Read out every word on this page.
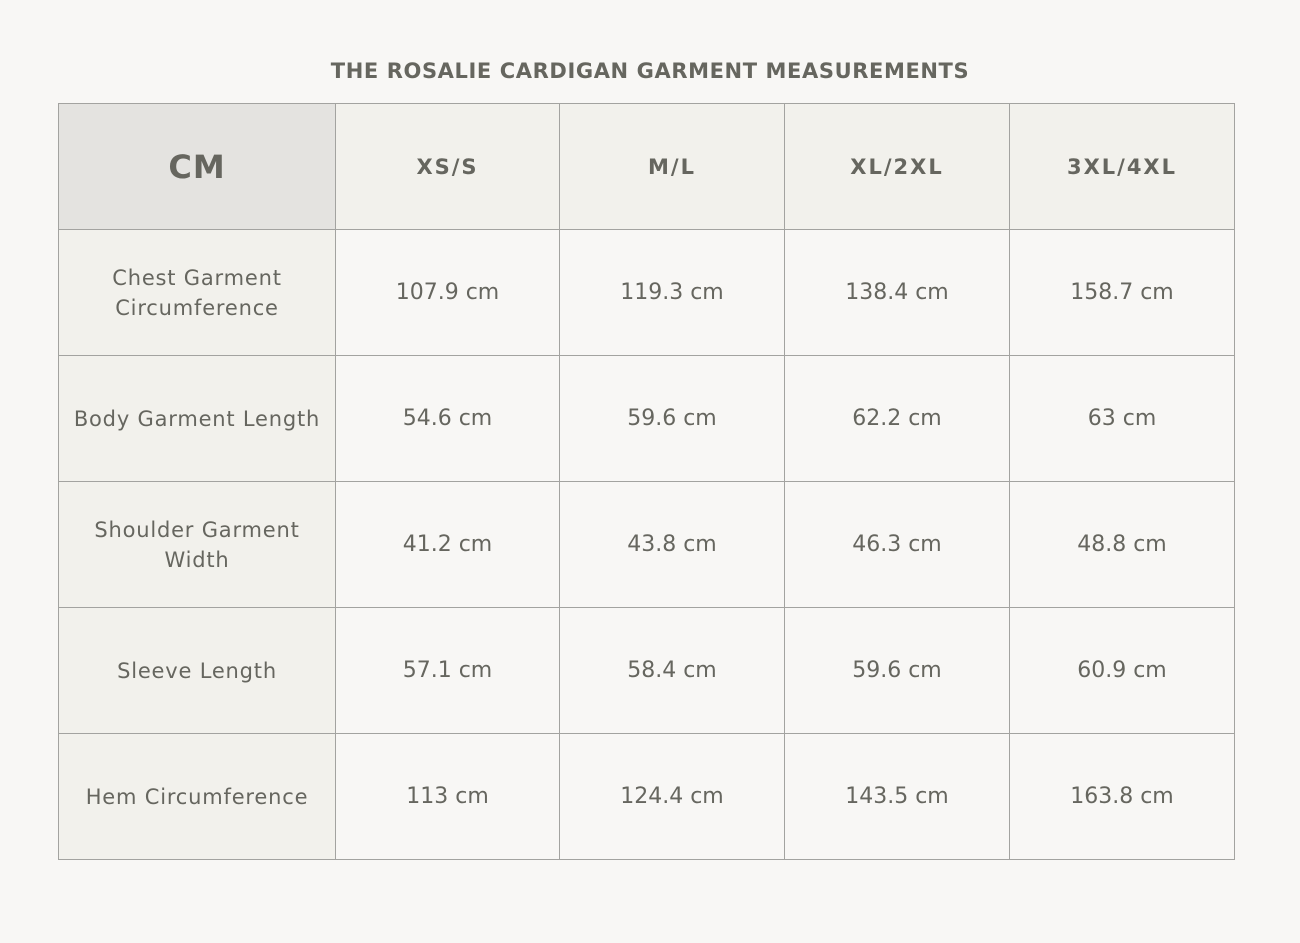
THE ROSALIE CARDIGAN GARMENT MEASUREMENTS
CM	XS/S	M/L	XL/2XL	3XL/4XL
Chest Garment Circumference	107.9 cm	119.3 cm	138.4 cm	158.7 cm
Body Garment Length	54.6 cm	59.6 cm	62.2 cm	63 cm
Shoulder Garment Width	41.2 cm	43.8 cm	46.3 cm	48.8 cm
Sleeve Length	57.1 cm	58.4 cm	59.6 cm	60.9 cm
Hem Circumference	113 cm	124.4 cm	143.5 cm	163.8 cm
